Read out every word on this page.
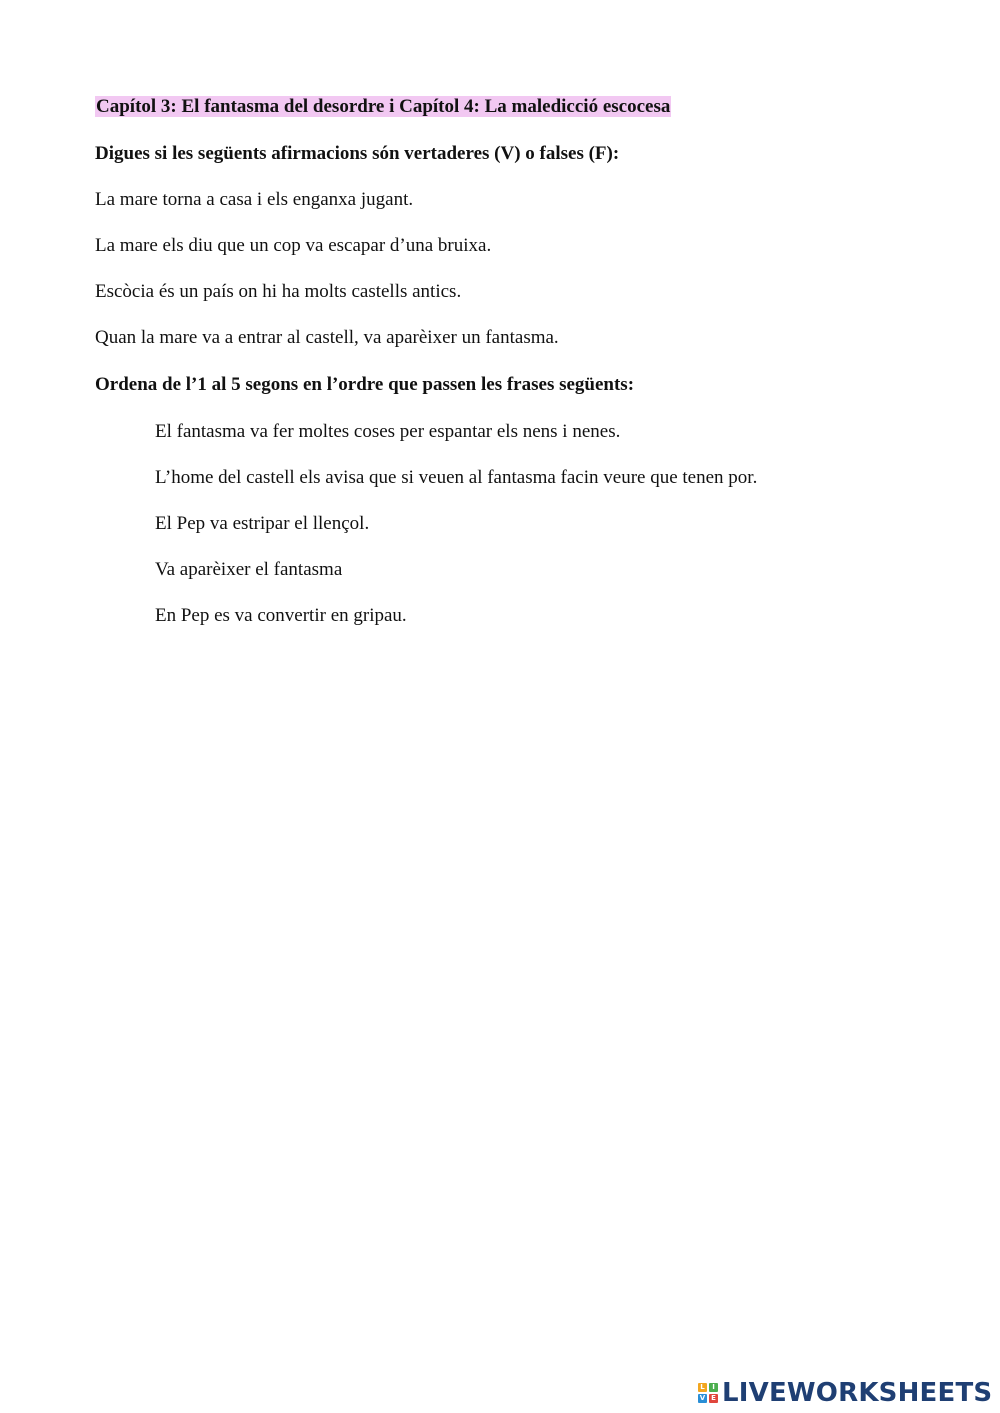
Capítol 3: El fantasma del desordre i Capítol 4: La maledicció escocesa
Digues si les següents afirmacions són vertaderes (V) o falses (F):
La mare torna a casa i els enganxa jugant.
La mare els diu que un cop va escapar d’una bruixa.
Escòcia és un país on hi ha molts castells antics.
Quan la mare va a entrar al castell, va aparèixer un fantasma.
Ordena de l’1 al 5 segons en l’ordre que passen les frases següents:
El fantasma va fer moltes coses per espantar els nens i nenes.
L’home del castell els avisa que si veuen al fantasma facin veure que tenen por.
El Pep va estripar el llençol.
Va aparèixer el fantasma
En Pep es va convertir en gripau.
L	I
V E LIVEWORKSHEETS
